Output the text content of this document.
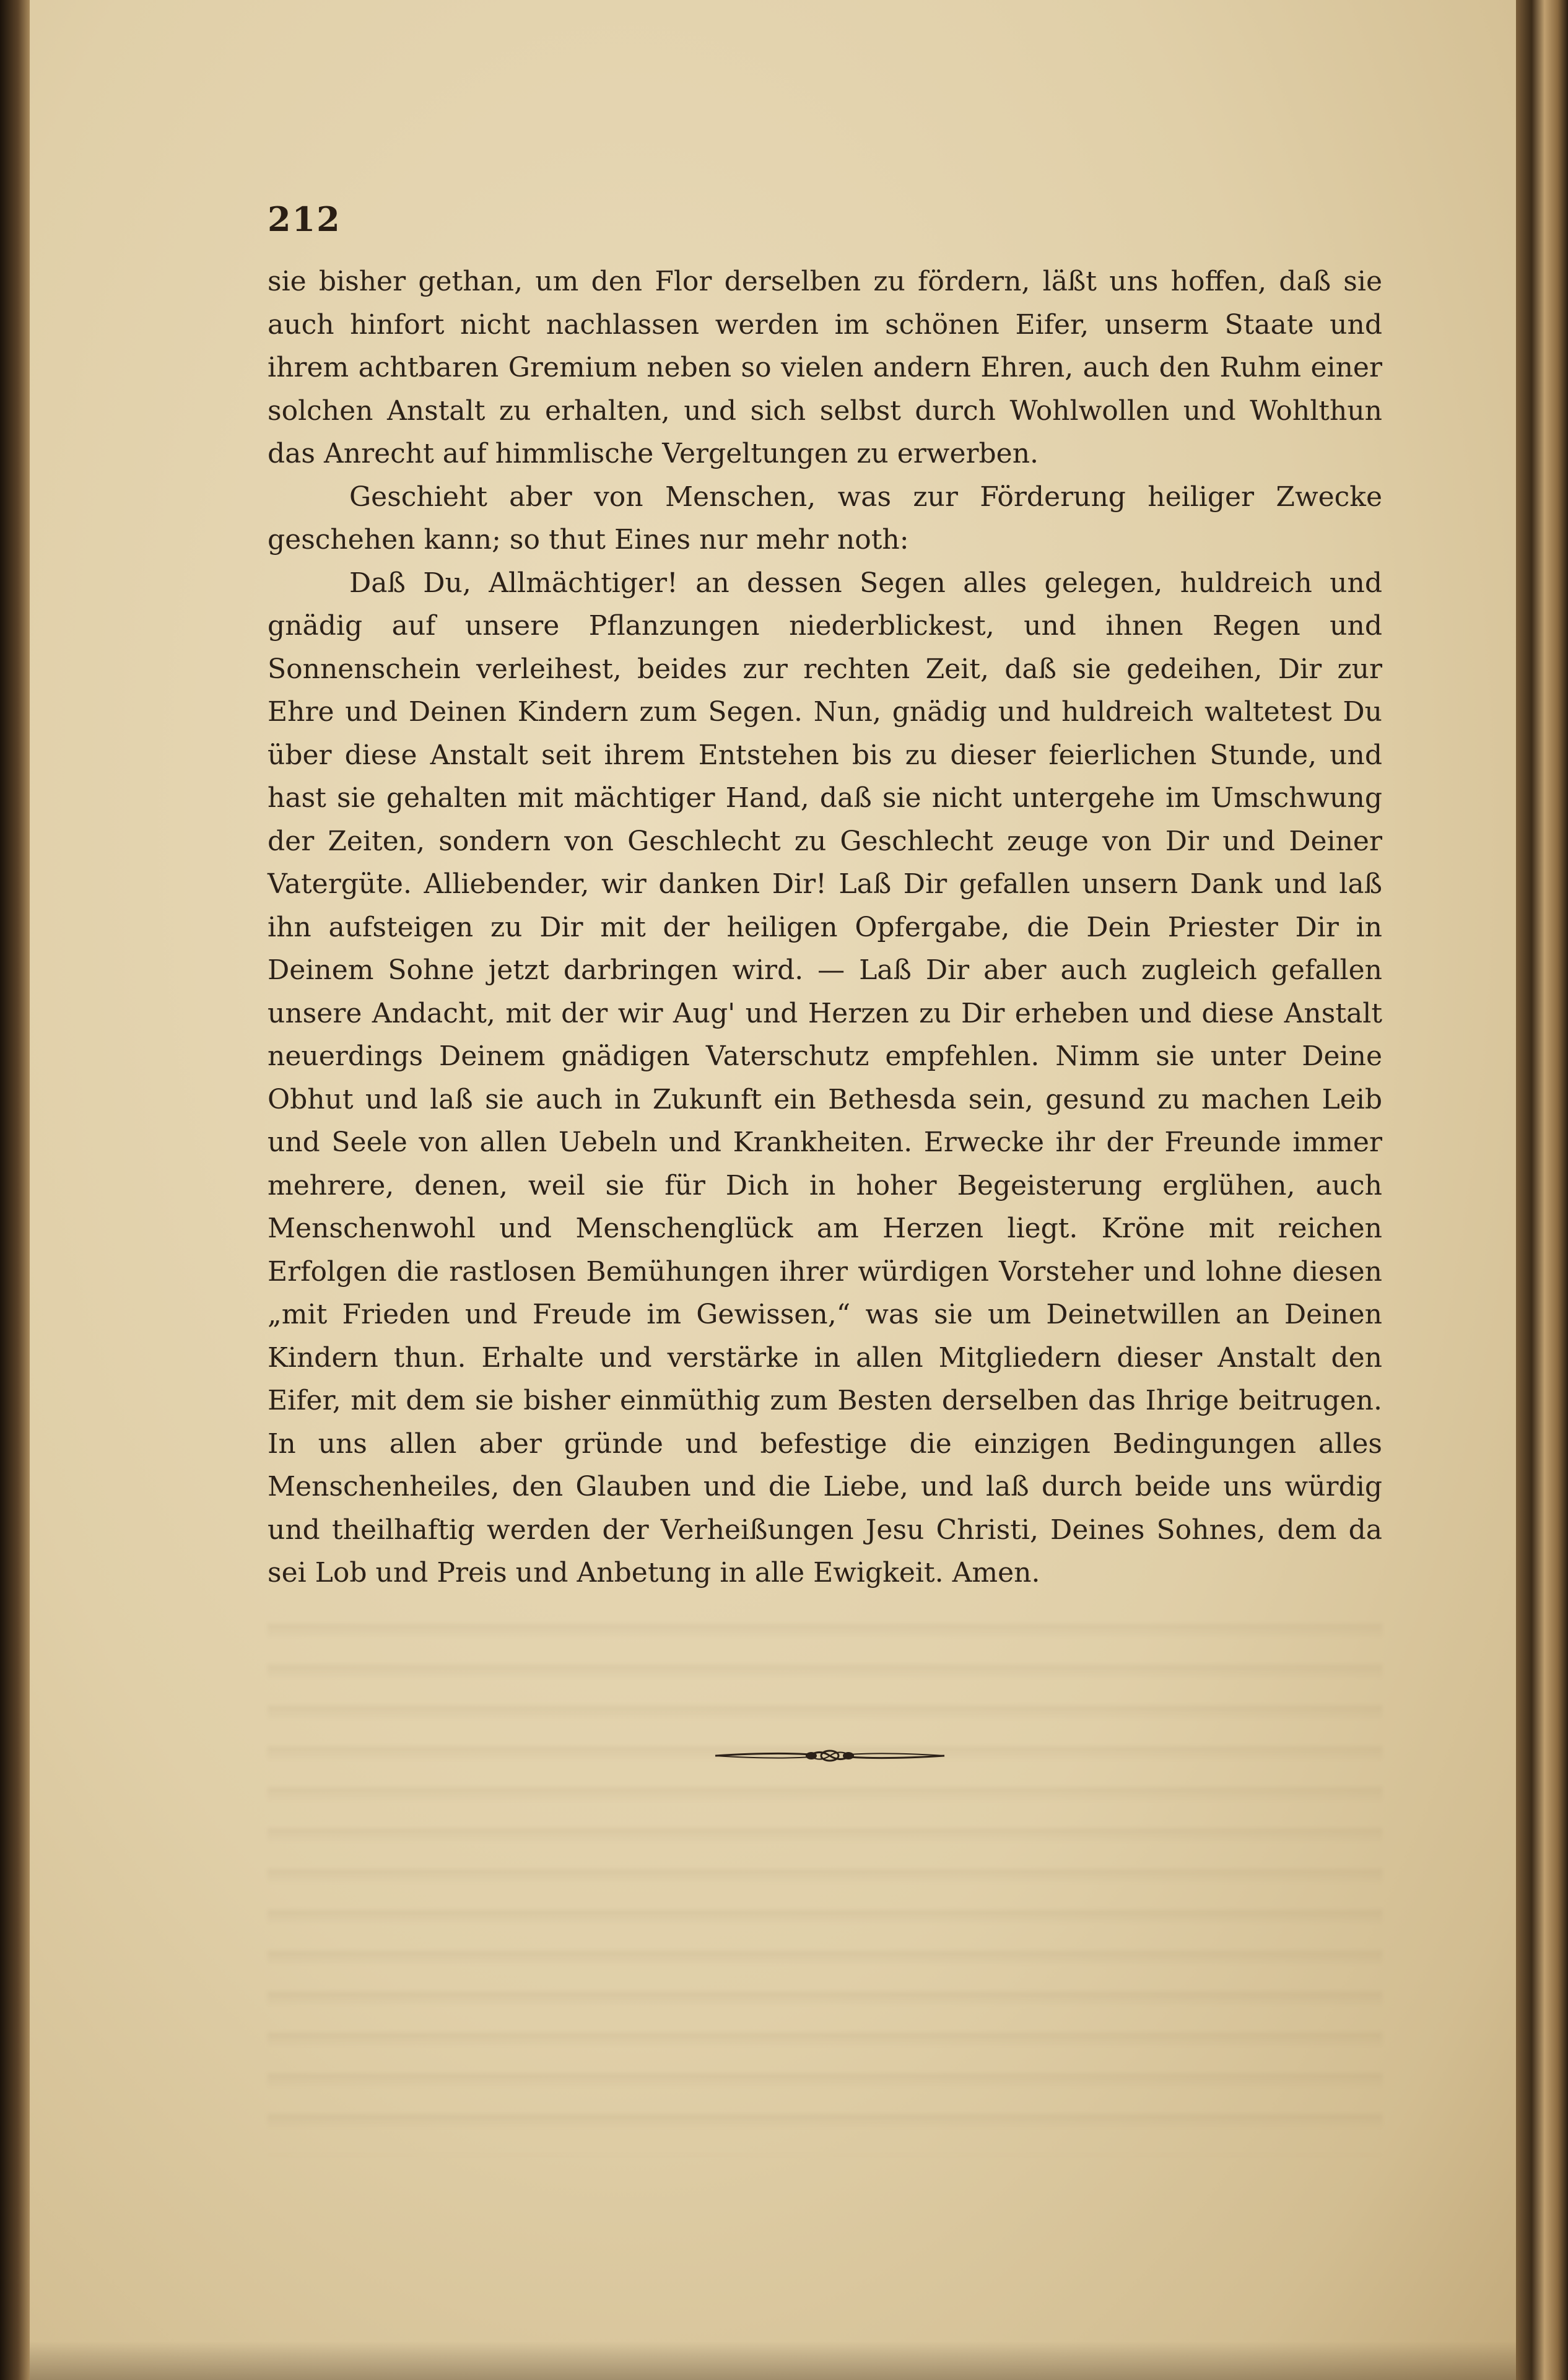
212

sie bisher gethan, um den Flor derselben zu fördern, läßt uns hoffen, daß sie auch hinfort nicht nachlassen werden im schönen Eifer, unserm Staate und ihrem achtbaren Gremium neben so vielen andern Ehren, auch den Ruhm einer solchen Anstalt zu erhalten, und sich selbst durch Wohlwollen und Wohlthun das Anrecht auf himmlische Vergeltungen zu erwerben.

Geschieht aber von Menschen, was zur Förderung heiliger Zwecke geschehen kann; so thut Eines nur mehr noth:

Daß Du, Allmächtiger! an dessen Segen alles gelegen, huldreich und gnädig auf unsere Pflanzungen niederblickest, und ihnen Regen und Sonnenschein verleihest, beides zur rechten Zeit, daß sie gedeihen, Dir zur Ehre und Deinen Kindern zum Segen. Nun, gnädig und huldreich waltetest Du über diese Anstalt seit ihrem Entstehen bis zu dieser feierlichen Stunde, und hast sie gehalten mit mächtiger Hand, daß sie nicht untergehe im Umschwung der Zeiten, sondern von Geschlecht zu Geschlecht zeuge von Dir und Deiner Vatergüte. Alliebender, wir danken Dir! Laß Dir gefallen unsern Dank und laß ihn aufsteigen zu Dir mit der heiligen Opfergabe, die Dein Priester Dir in Deinem Sohne jetzt darbringen wird. — Laß Dir aber auch zugleich gefallen unsere Andacht, mit der wir Aug' und Herzen zu Dir erheben und diese Anstalt neuerdings Deinem gnädigen Vaterschutz empfehlen. Nimm sie unter Deine Obhut und laß sie auch in Zukunft ein Bethesda sein, gesund zu machen Leib und Seele von allen Uebeln und Krankheiten. Erwecke ihr der Freunde immer mehrere, denen, weil sie für Dich in hoher Begeisterung erglühen, auch Menschenwohl und Menschenglück am Herzen liegt. Kröne mit reichen Erfolgen die rastlosen Bemühungen ihrer würdigen Vorsteher und lohne diesen „mit Frieden und Freude im Gewissen,“ was sie um Deinetwillen an Deinen Kindern thun. Erhalte und verstärke in allen Mitgliedern dieser Anstalt den Eifer, mit dem sie bisher einmüthig zum Besten derselben das Ihrige beitrugen. In uns allen aber gründe und befestige die einzigen Bedingungen alles Menschenheiles, den Glauben und die Liebe, und laß durch beide uns würdig und theilhaftig werden der Verheißungen Jesu Christi, Deines Sohnes, dem da sei Lob und Preis und Anbetung in alle Ewigkeit. Amen.
